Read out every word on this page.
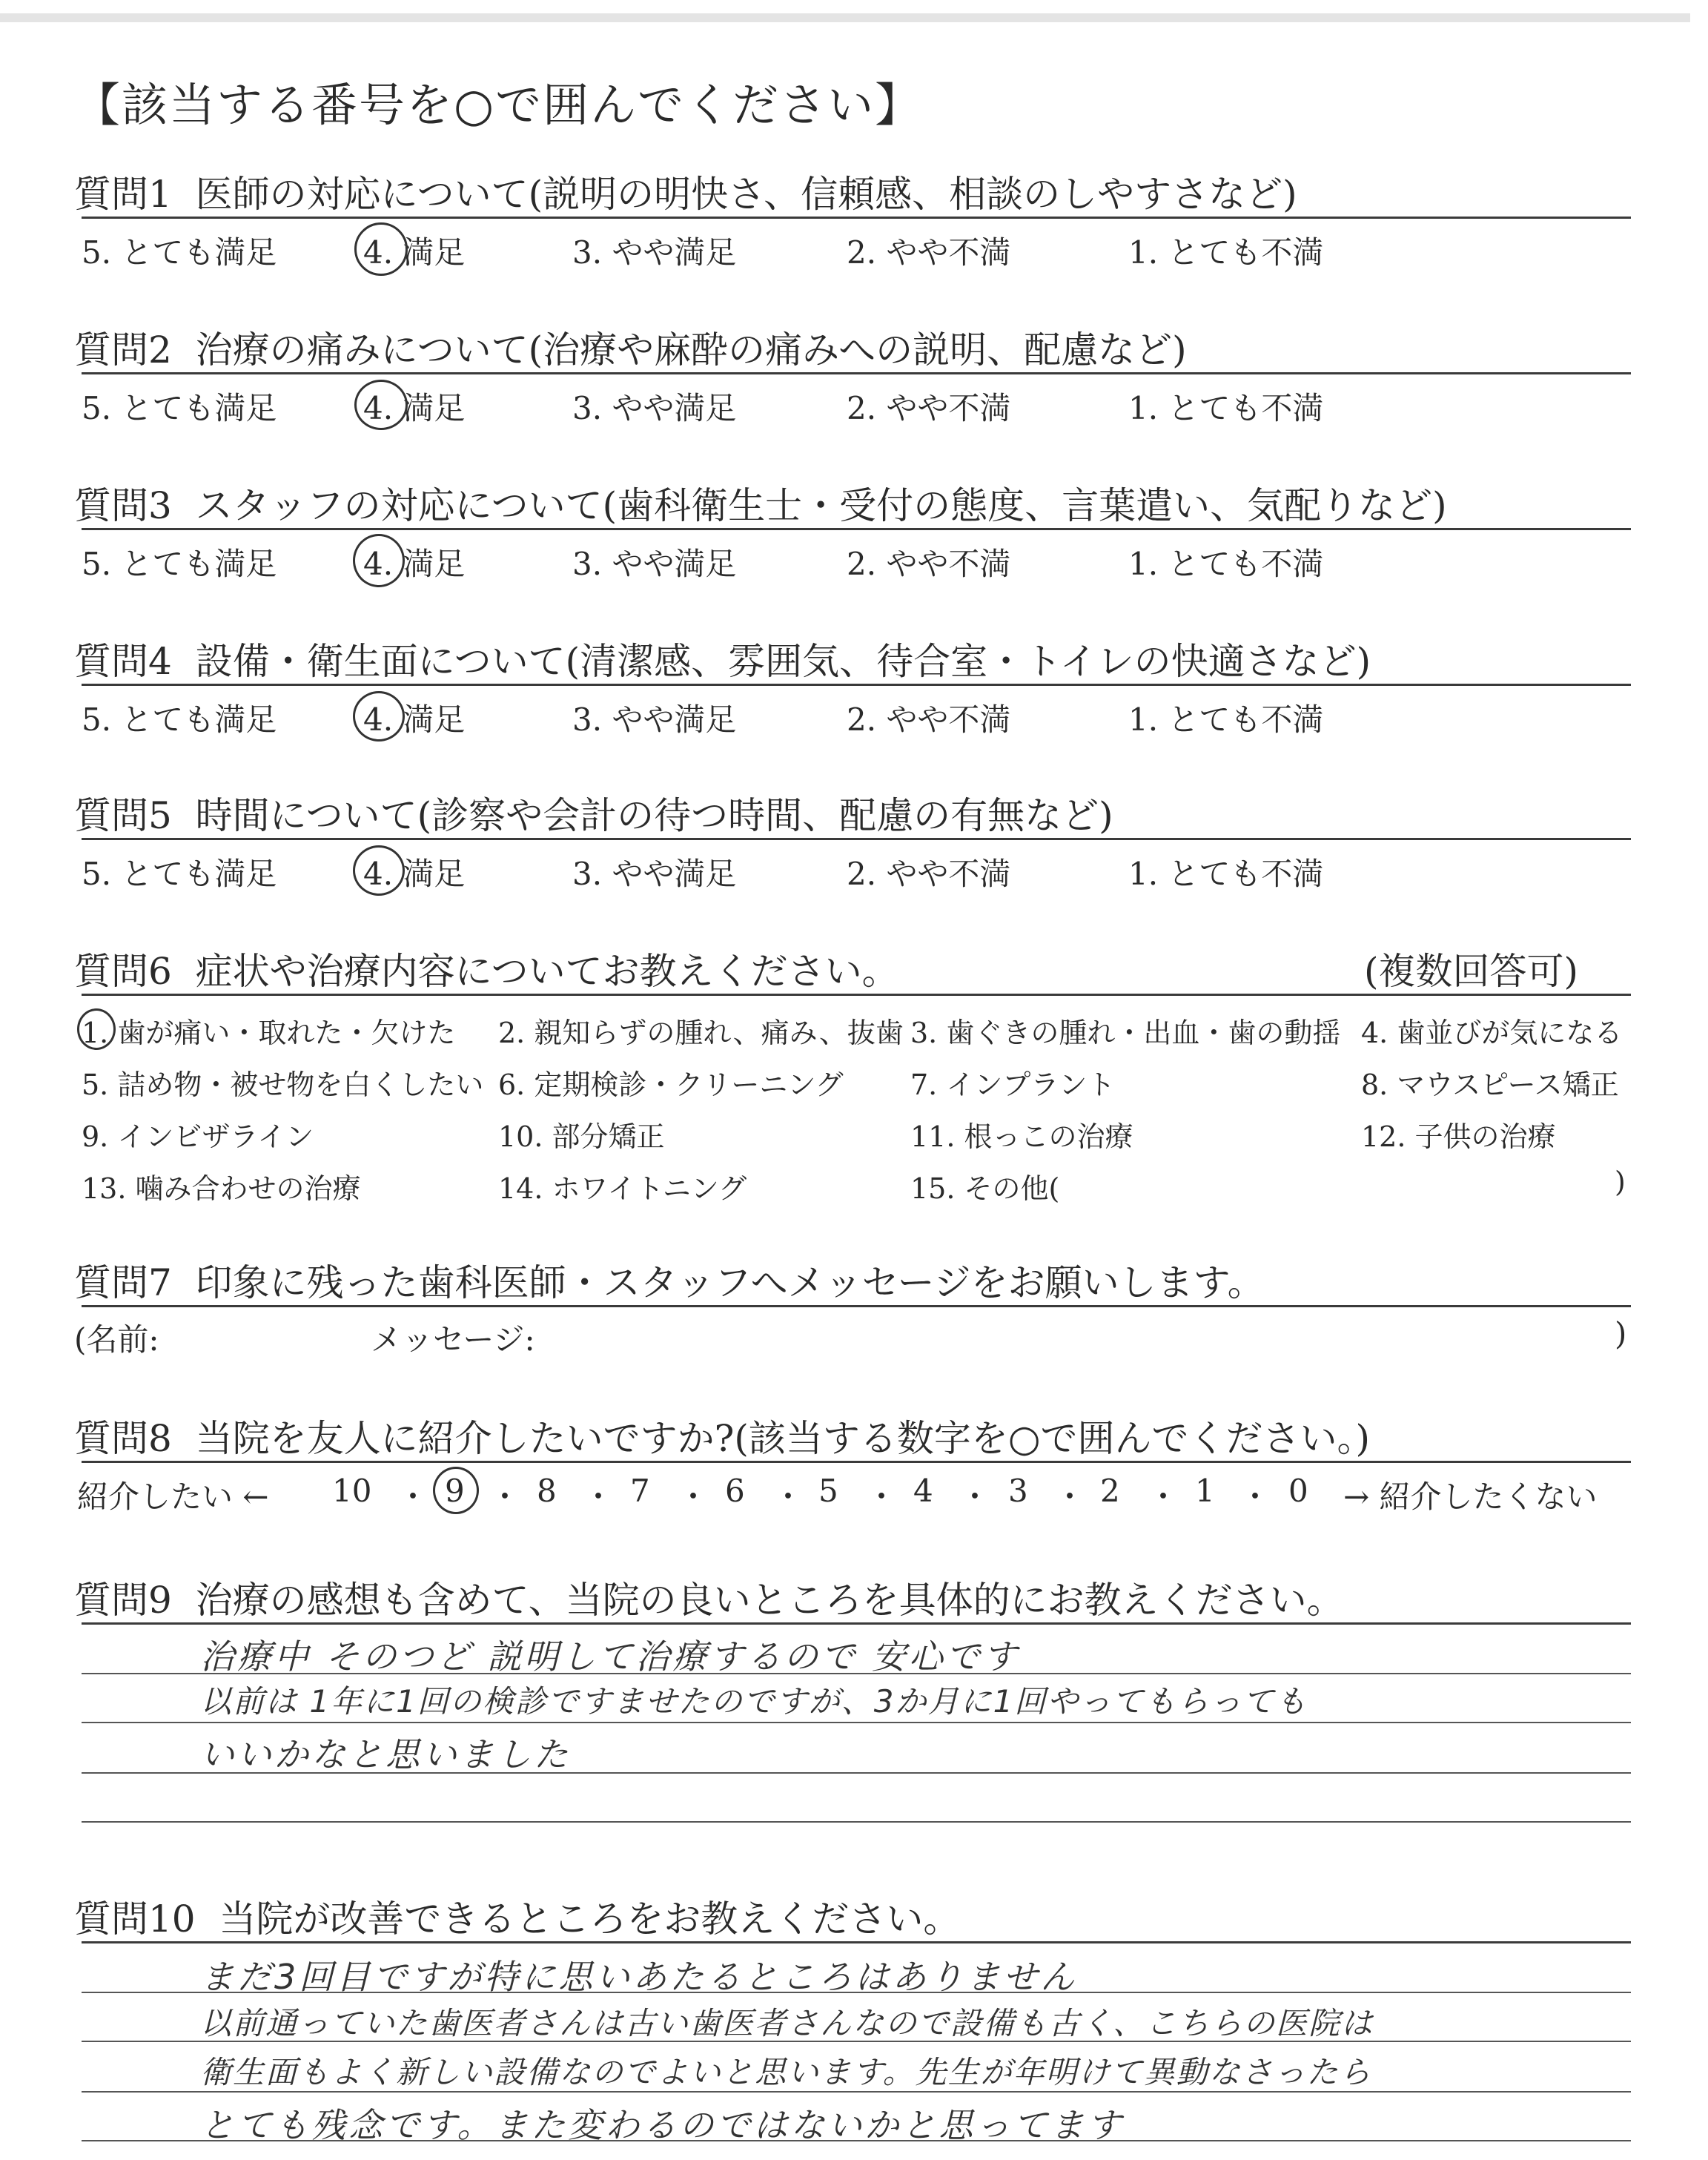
【該当する番号を○で囲んでください】
質問1 医師の対応について(説明の明快さ、信頼感、相談のしやすさなど)
5. とても満足	4. 満足	3. やや満足	2. やや不満	1. とても不満
質問2 治療の痛みについて(治療や麻酔の痛みへの説明、配慮など)
5. とても満足	4. 満足	3. やや満足	2. やや不満	1. とても不満
質問3 スタッフの対応について(歯科衛生士・受付の態度、言葉遣い、気配りなど)
5. とても満足	4. 満足	3. やや満足	2. やや不満	1. とても不満
質問4 設備・衛生面について(清潔感、雰囲気、待合室・トイレの快適さなど)
5. とても満足	4. 満足	3. やや満足	2. やや不満	1. とても不満
質問5 時間について(診察や会計の待つ時間、配慮の有無など)
5. とても満足	4. 満足	3. やや満足	2. やや不満	1. とても不満
質問6 症状や治療内容についてお教えください。	(複数回答可)
1. 歯が痛い・取れた・欠けた 2. 親知らずの腫れ、痛み、抜歯 3. 歯ぐきの腫れ・出血・歯の動揺 4. 歯並びが気になる
5. 詰め物・被せ物を白くしたい 6. 定期検診・クリーニング 7. インプラント	8. マウスピース矯正
9. インビザライン	10. 部分矯正	11. 根っこの治療	12. 子供の治療
13. 噛み合わせの治療	14. ホワイトニング	15. その他(	)
質問7 印象に残った歯科医師・スタッフへメッセージをお願いします。
(名前:	メッセージ:	)
質問8 当院を友人に紹介したいですか?(該当する数字を○で囲んでください。)
紹介したい ← 10 ・ 9 ・ 8 ・ 7 ・ 6 ・ 5 ・ 4 ・ 3 ・ 2 ・ 1 ・ 0 → 紹介したくない
質問9 治療の感想も含めて、当院の良いところを具体的にお教えください。
治療中 そのつど 説明して治療するので 安心です
以前は 1年に1回の検診ですませたのですが、3か月に1回やってもらっても
いいかなと思いました
質問10 当院が改善できるところをお教えください。
まだ3回目ですが特に思いあたるところはありません
以前通っていた歯医者さんは古い歯医者さんなので設備も古く、こちらの医院は
衛生面もよく新しい設備なのでよいと思います。先生が年明けて異動なさったら
とても残念です。また変わるのではないかと思ってます
